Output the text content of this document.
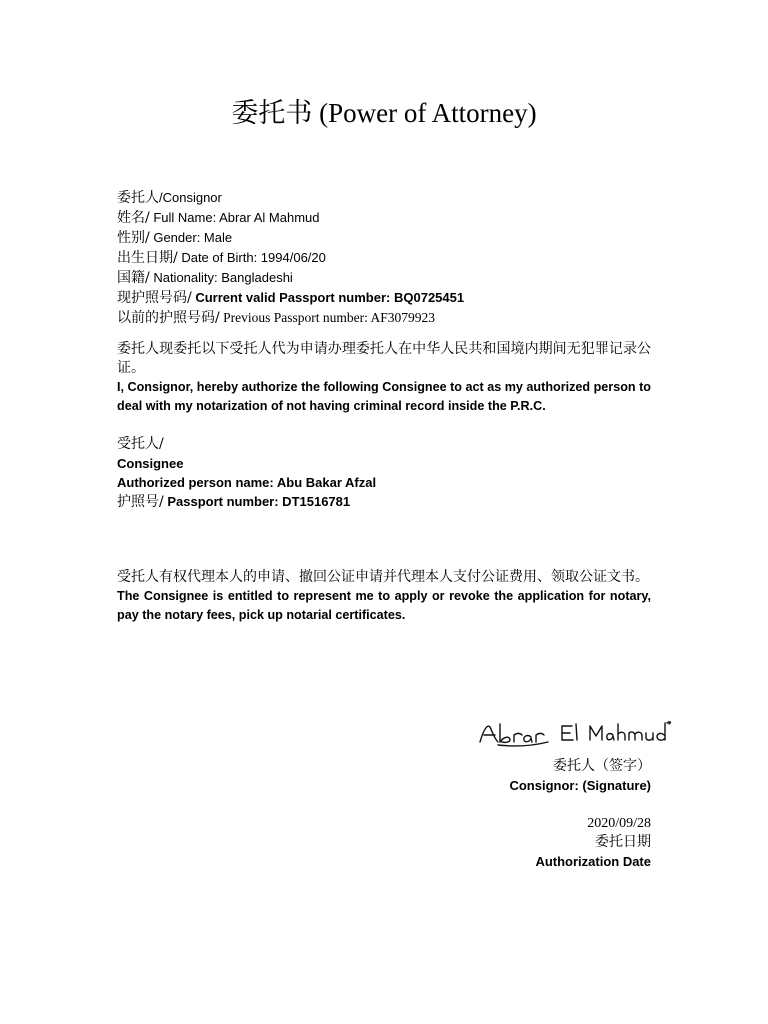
委托书 (Power of Attorney)
委托人/Consignor
姓名/ Full Name: Abrar Al Mahmud
性别/ Gender: Male
出生日期/ Date of Birth: 1994/06/20
国籍/ Nationality: Bangladeshi
现护照号码/ Current valid Passport number: BQ0725451
以前的护照号码/ Previous Passport number: AF3079923
委托人现委托以下受托人代为申请办理委托人在中华人民共和国境内期间无犯罪记录公证。
I, Consignor, hereby authorize the following Consignee to act as my authorized person to deal with my notarization of not having criminal record inside the P.R.C.
受托人/
Consignee
Authorized person name: Abu Bakar Afzal
护照号/ Passport number: DT1516781
受托人有权代理本人的申请、撤回公证申请并代理本人支付公证费用、领取公证文书。
The Consignee is entitled to represent me to apply or revoke the application for notary, pay the notary fees, pick up notarial certificates.
委托人（签字）
Consignor: (Signature)
2020/09/28
委托日期
Authorization Date
